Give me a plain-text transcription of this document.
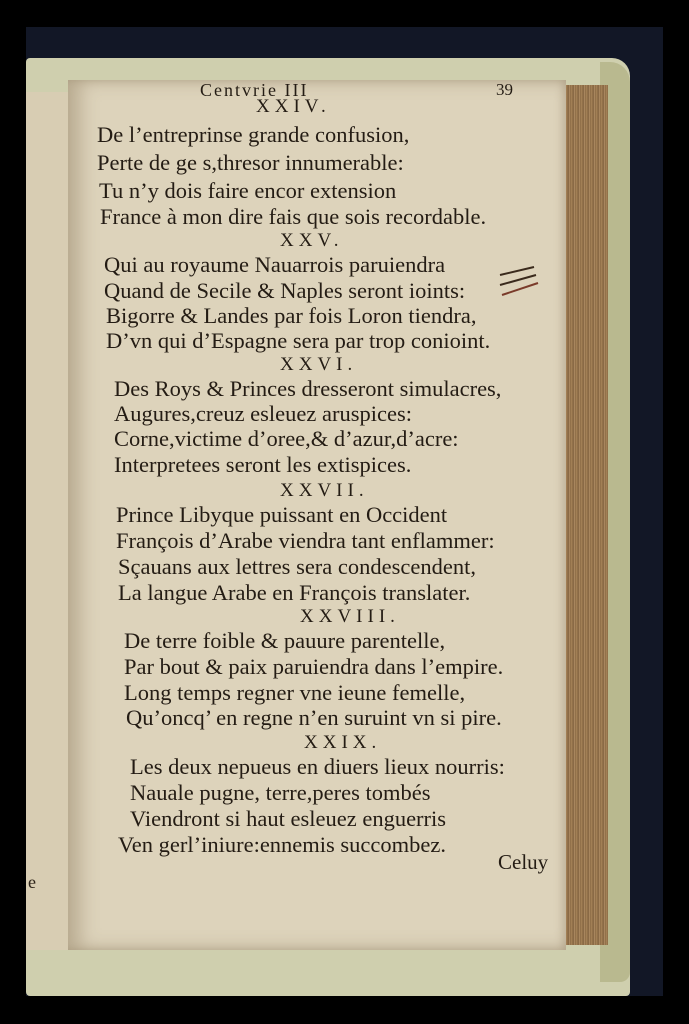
e
Centvrie III	39
XXIV.
De l’entreprinse grande confusion,
Perte de ge s,thresor innumerable:
Tu n’y dois faire encor extension
France à mon dire fais que sois recordable.
XXV.
Qui au royaume Nauarrois paruiendra
Quand de Secile & Naples seront ioints:
Bigorre & Landes par fois Loron tiendra,
D’vn qui d’Espagne sera par trop conioint.
XXVI.
Des Roys & Princes dresseront simulacres,
Augures,creuz esleuez aruspices:
Corne,victime d’oree,& d’azur,d’acre:
Interpretees seront les extispices.
XXVII.
Prince Libyque puissant en Occident
François d’Arabe viendra tant enflammer:
Sçauans aux lettres sera condescendent,
La langue Arabe en François translater.
XXVIII.
De terre foible & pauure parentelle,
Par bout & paix paruiendra dans l’empire.
Long temps regner vne ieune femelle,
Qu’oncq’ en regne n’en suruint vn si pire.
XXIX.
Les deux nepueus en diuers lieux nourris:
Nauale pugne, terre,peres tombés
Viendront si haut esleuez enguerris
Ven gerl’iniure:ennemis succombez.
Celuy
